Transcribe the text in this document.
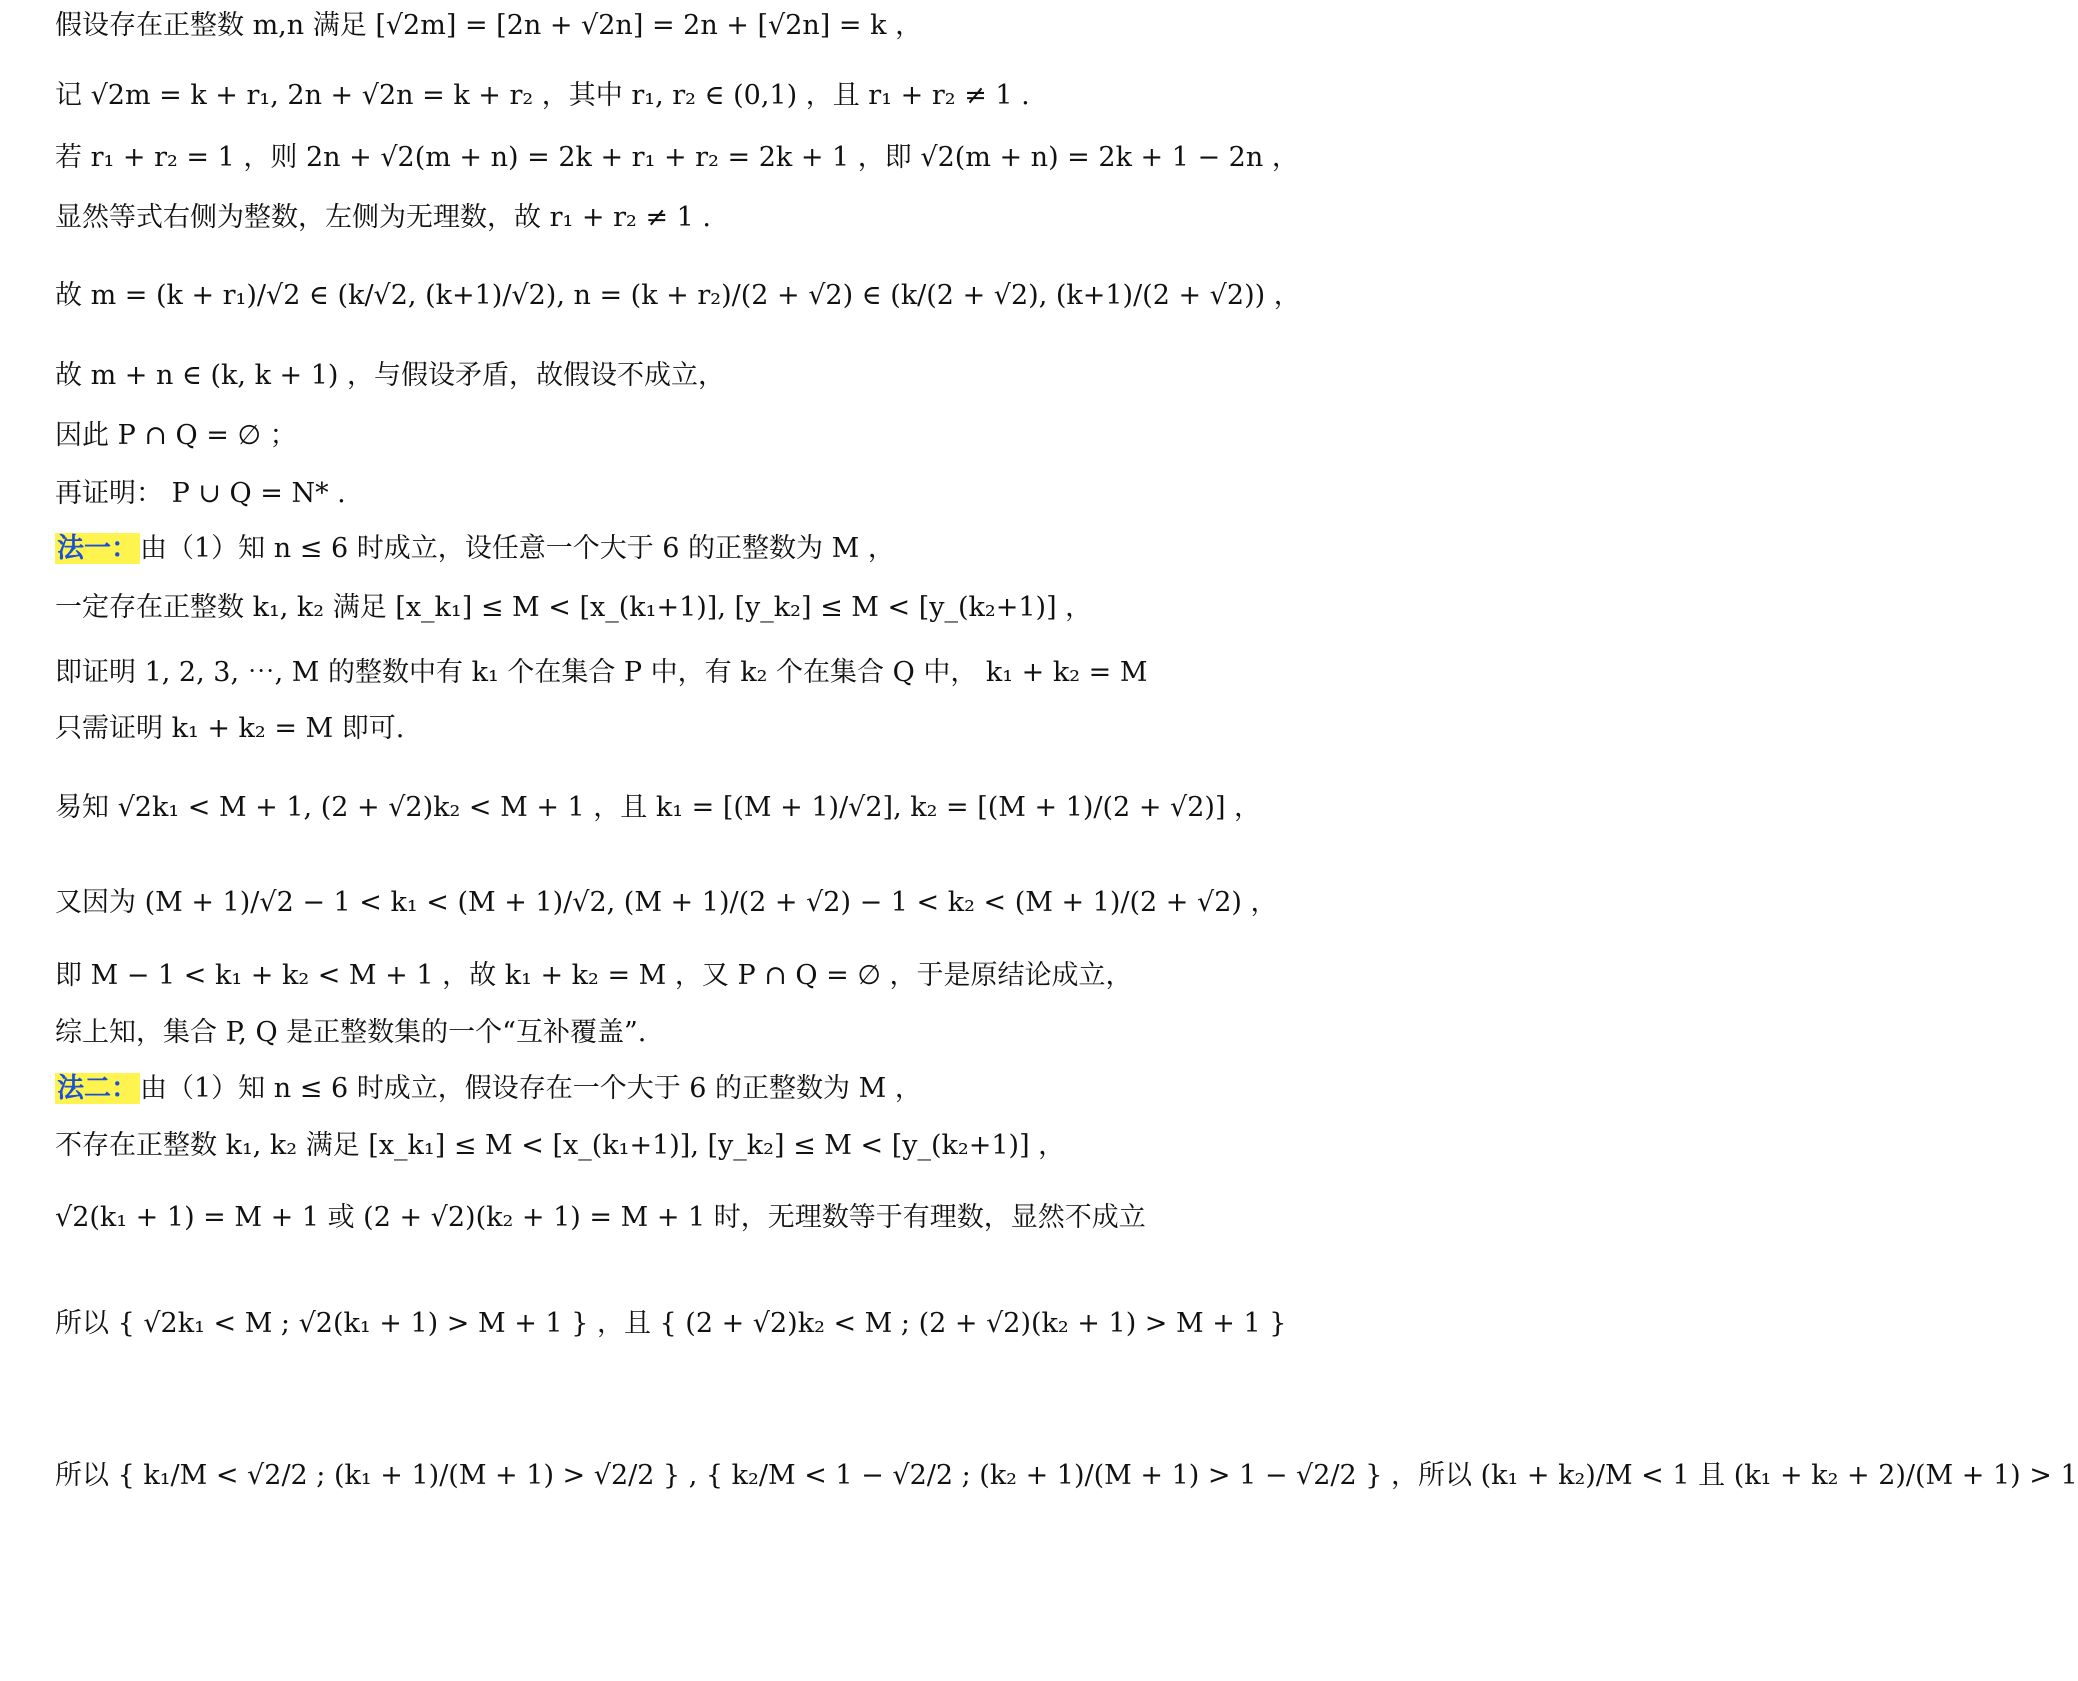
假设存在正整数 m,n 满足 [√2m] = [2n + √2n] = 2n + [√2n] = k ，
记 √2m = k + r₁, 2n + √2n = k + r₂ ，其中 r₁, r₂ ∈ (0,1) ，且 r₁ + r₂ ≠ 1 .
若 r₁ + r₂ = 1 ，则 2n + √2(m + n) = 2k + r₁ + r₂ = 2k + 1 ，即 √2(m + n) = 2k + 1 − 2n ，
显然等式右侧为整数，左侧为无理数，故 r₁ + r₂ ≠ 1 .
故 m = (k + r₁)/√2 ∈ (k/√2, (k+1)/√2), n = (k + r₂)/(2 + √2) ∈ (k/(2 + √2), (k+1)/(2 + √2)) ，
故 m + n ∈ (k, k + 1) ，与假设矛盾，故假设不成立，
因此 P ∩ Q = ∅ ；
再证明： P ∪ Q = N* .
法一：由（1）知 n ≤ 6 时成立，设任意一个大于 6 的正整数为 M ，
一定存在正整数 k₁, k₂ 满足 [x_k₁] ≤ M < [x_(k₁+1)], [y_k₂] ≤ M < [y_(k₂+1)] ，
即证明 1, 2, 3, ⋯, M 的整数中有 k₁ 个在集合 P 中，有 k₂ 个在集合 Q 中， k₁ + k₂ = M
只需证明 k₁ + k₂ = M 即可.
易知 √2k₁ < M + 1, (2 + √2)k₂ < M + 1 ，且 k₁ = [(M + 1)/√2], k₂ = [(M + 1)/(2 + √2)] ，
又因为 (M + 1)/√2 − 1 < k₁ < (M + 1)/√2, (M + 1)/(2 + √2) − 1 < k₂ < (M + 1)/(2 + √2) ，
即 M − 1 < k₁ + k₂ < M + 1 ，故 k₁ + k₂ = M ，又 P ∩ Q = ∅ ，于是原结论成立，
综上知，集合 P, Q 是正整数集的一个“互补覆盖”.
法二：由（1）知 n ≤ 6 时成立，假设存在一个大于 6 的正整数为 M ，
不存在正整数 k₁, k₂ 满足 [x_k₁] ≤ M < [x_(k₁+1)], [y_k₂] ≤ M < [y_(k₂+1)] ，
√2(k₁ + 1) = M + 1 或 (2 + √2)(k₂ + 1) = M + 1 时，无理数等于有理数，显然不成立
所以 { √2k₁ < M ; √2(k₁ + 1) > M + 1 } ，且 { (2 + √2)k₂ < M ; (2 + √2)(k₂ + 1) > M + 1 }
所以 { k₁/M < √2/2 ; (k₁ + 1)/(M + 1) > √2/2 } , { k₂/M < 1 − √2/2 ; (k₂ + 1)/(M + 1) > 1 − √2/2 } ，所以 (k₁ + k₂)/M < 1 且 (k₁ + k₂ + 2)/(M + 1) > 1
